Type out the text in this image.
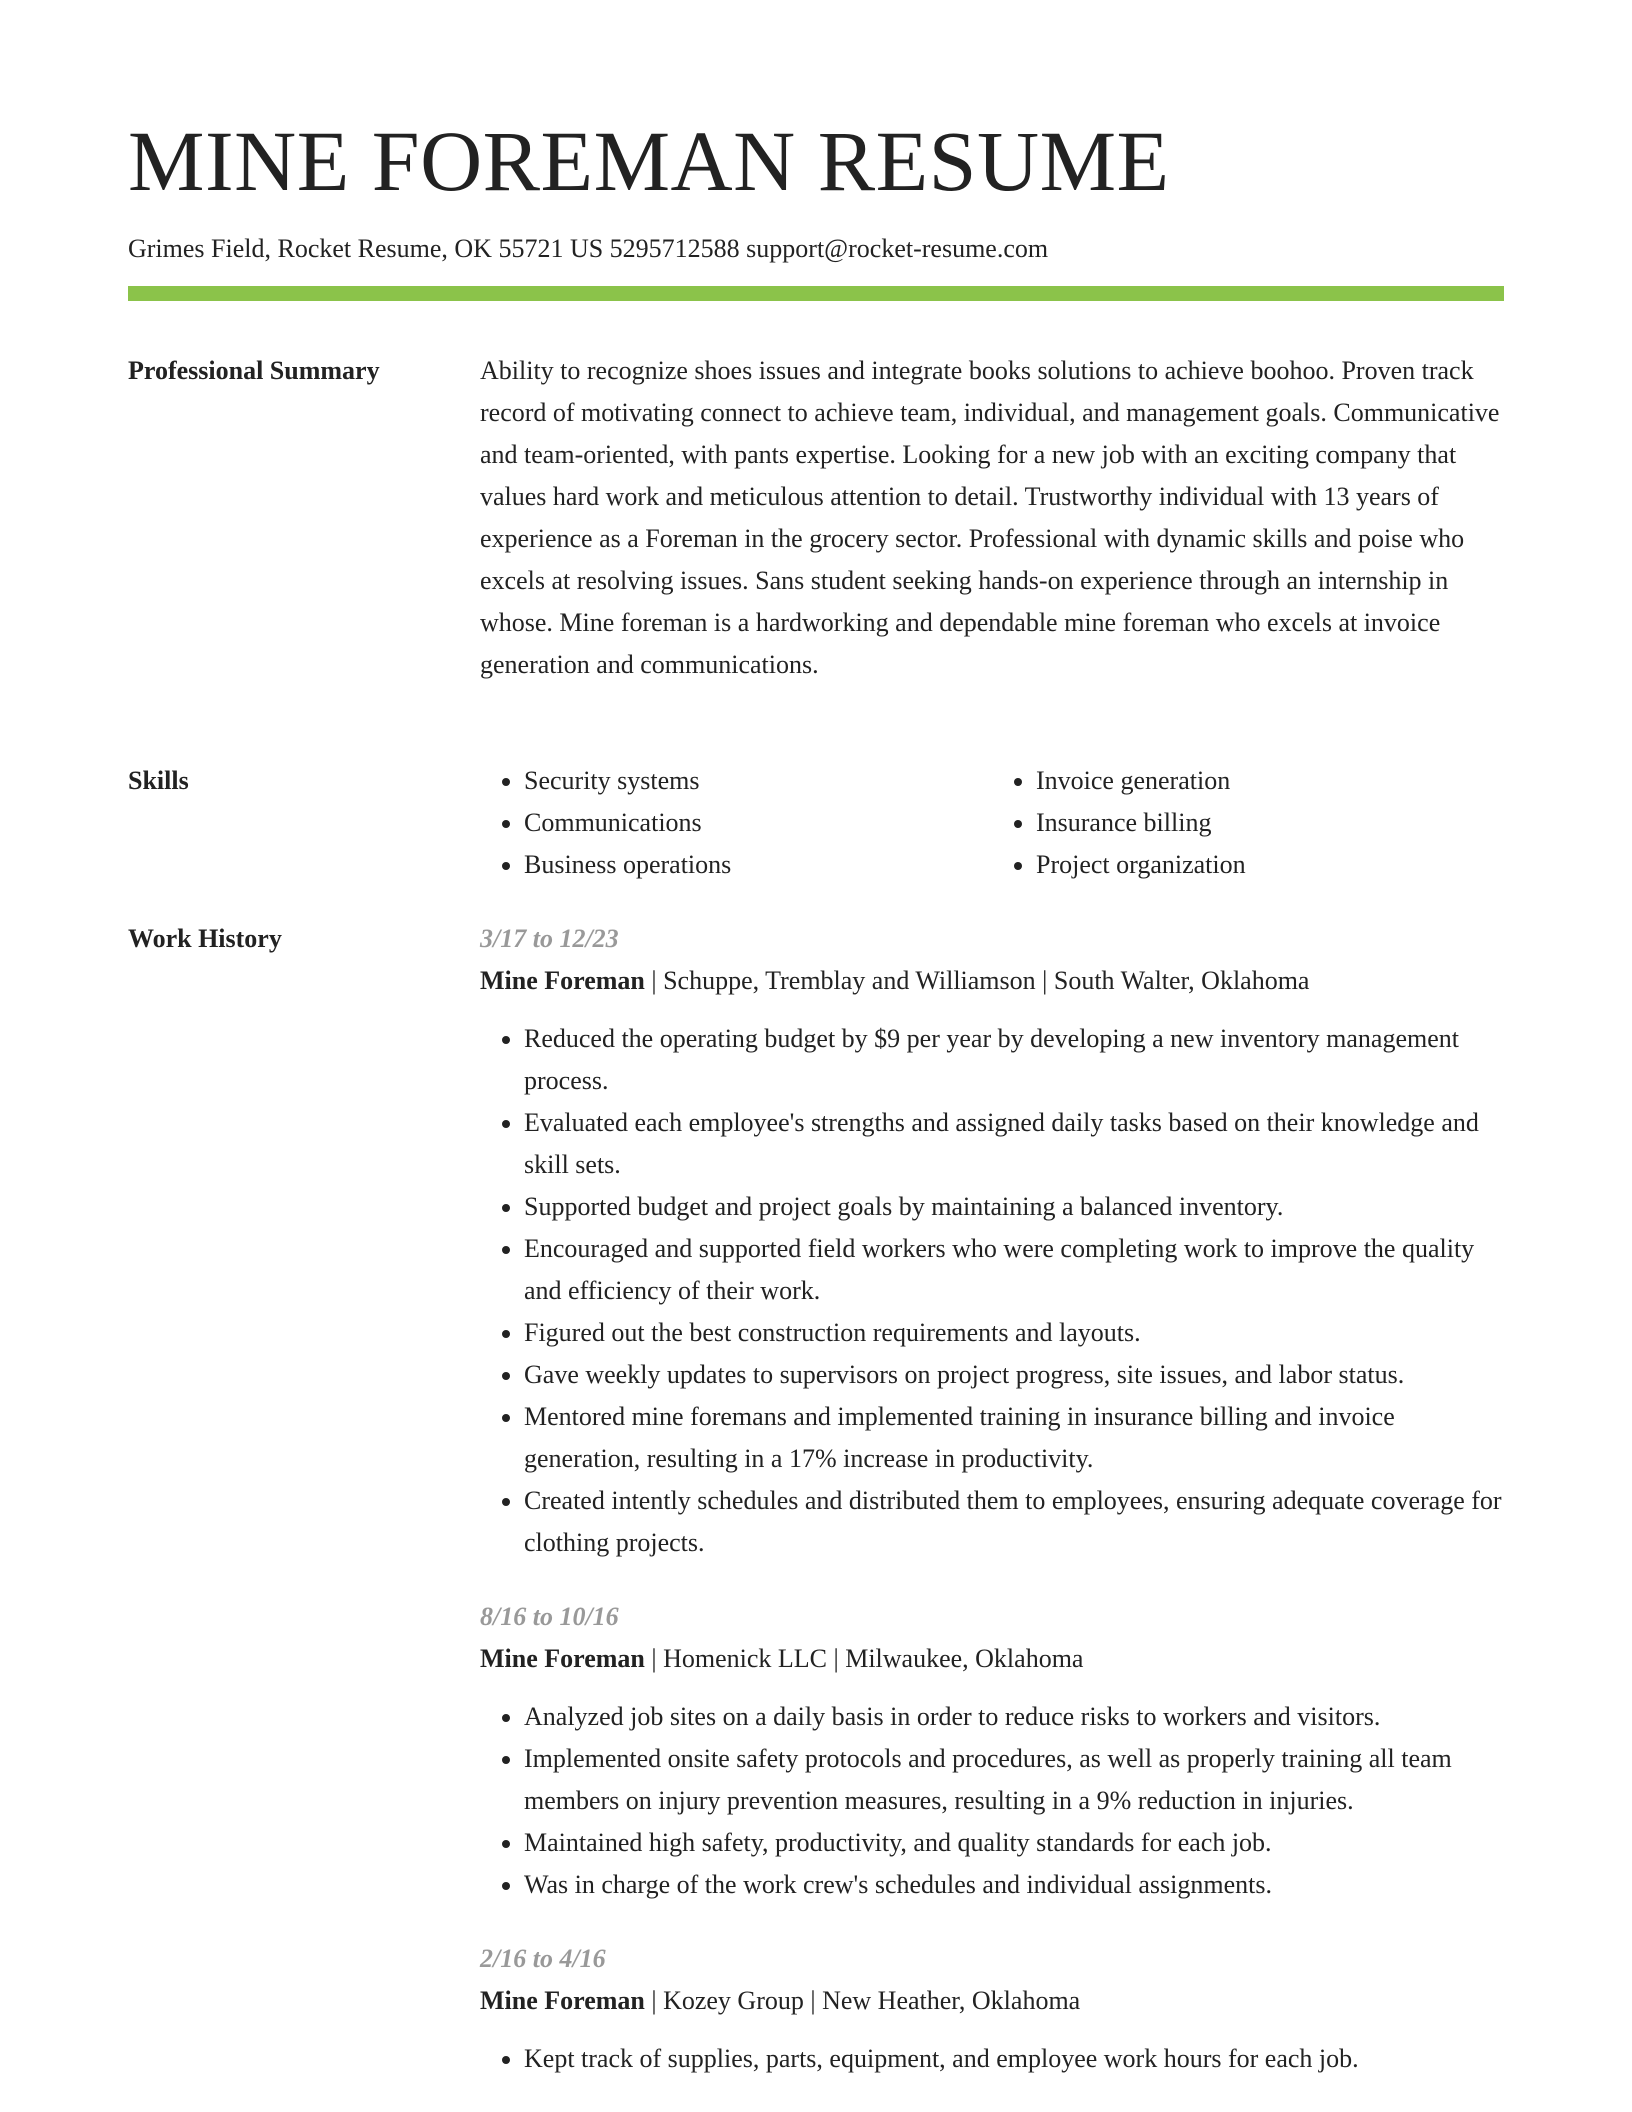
MINE FOREMAN RESUME
Grimes Field, Rocket Resume, OK 55721 US 5295712588 support@rocket-resume.com
Professional Summary	Ability to recognize shoes issues and integrate books solutions to achieve boohoo. Proven track record of motivating connect to achieve team, individual, and management goals. Communicative and team-oriented, with pants expertise. Looking for a new job with an exciting company that values hard work and meticulous attention to detail. Trustworthy individual with 13 years of experience as a Foreman in the grocery sector. Professional with dynamic skills and poise who excels at resolving issues. Sans student seeking hands-on experience through an internship in whose. Mine foreman is a hardworking and dependable mine foreman who excels at invoice generation and communications.

Skills
•	Security systems
• Communications
• Business operations
• Invoice generation
• Insurance billing
• Project organization
Work History	3/17 to 12/23
Mine Foreman | Schuppe, Tremblay and Williamson | South Walter, Oklahoma
• Reduced the operating budget by $9 per year by developing a new inventory management process.
• Evaluated each employee's strengths and assigned daily tasks based on their knowledge and skill sets.
• Supported budget and project goals by maintaining a balanced inventory.
• Encouraged and supported field workers who were completing work to improve the quality and efficiency of their work.
• Figured out the best construction requirements and layouts.
• Gave weekly updates to supervisors on project progress, site issues, and labor status.
• Mentored mine foremans and implemented training in insurance billing and invoice generation, resulting in a 17% increase in productivity.
• Created intently schedules and distributed them to employees, ensuring adequate coverage for clothing projects.
8/16 to 10/16
Mine Foreman | Homenick LLC | Milwaukee, Oklahoma
• Analyzed job sites on a daily basis in order to reduce risks to workers and visitors.
• Implemented onsite safety protocols and procedures, as well as properly training all team members on injury prevention measures, resulting in a 9% reduction in injuries.
• Maintained high safety, productivity, and quality standards for each job.
• Was in charge of the work crew's schedules and individual assignments.
2/16 to 4/16
Mine Foreman | Kozey Group | New Heather, Oklahoma
• Kept track of supplies, parts, equipment, and employee work hours for each job.
